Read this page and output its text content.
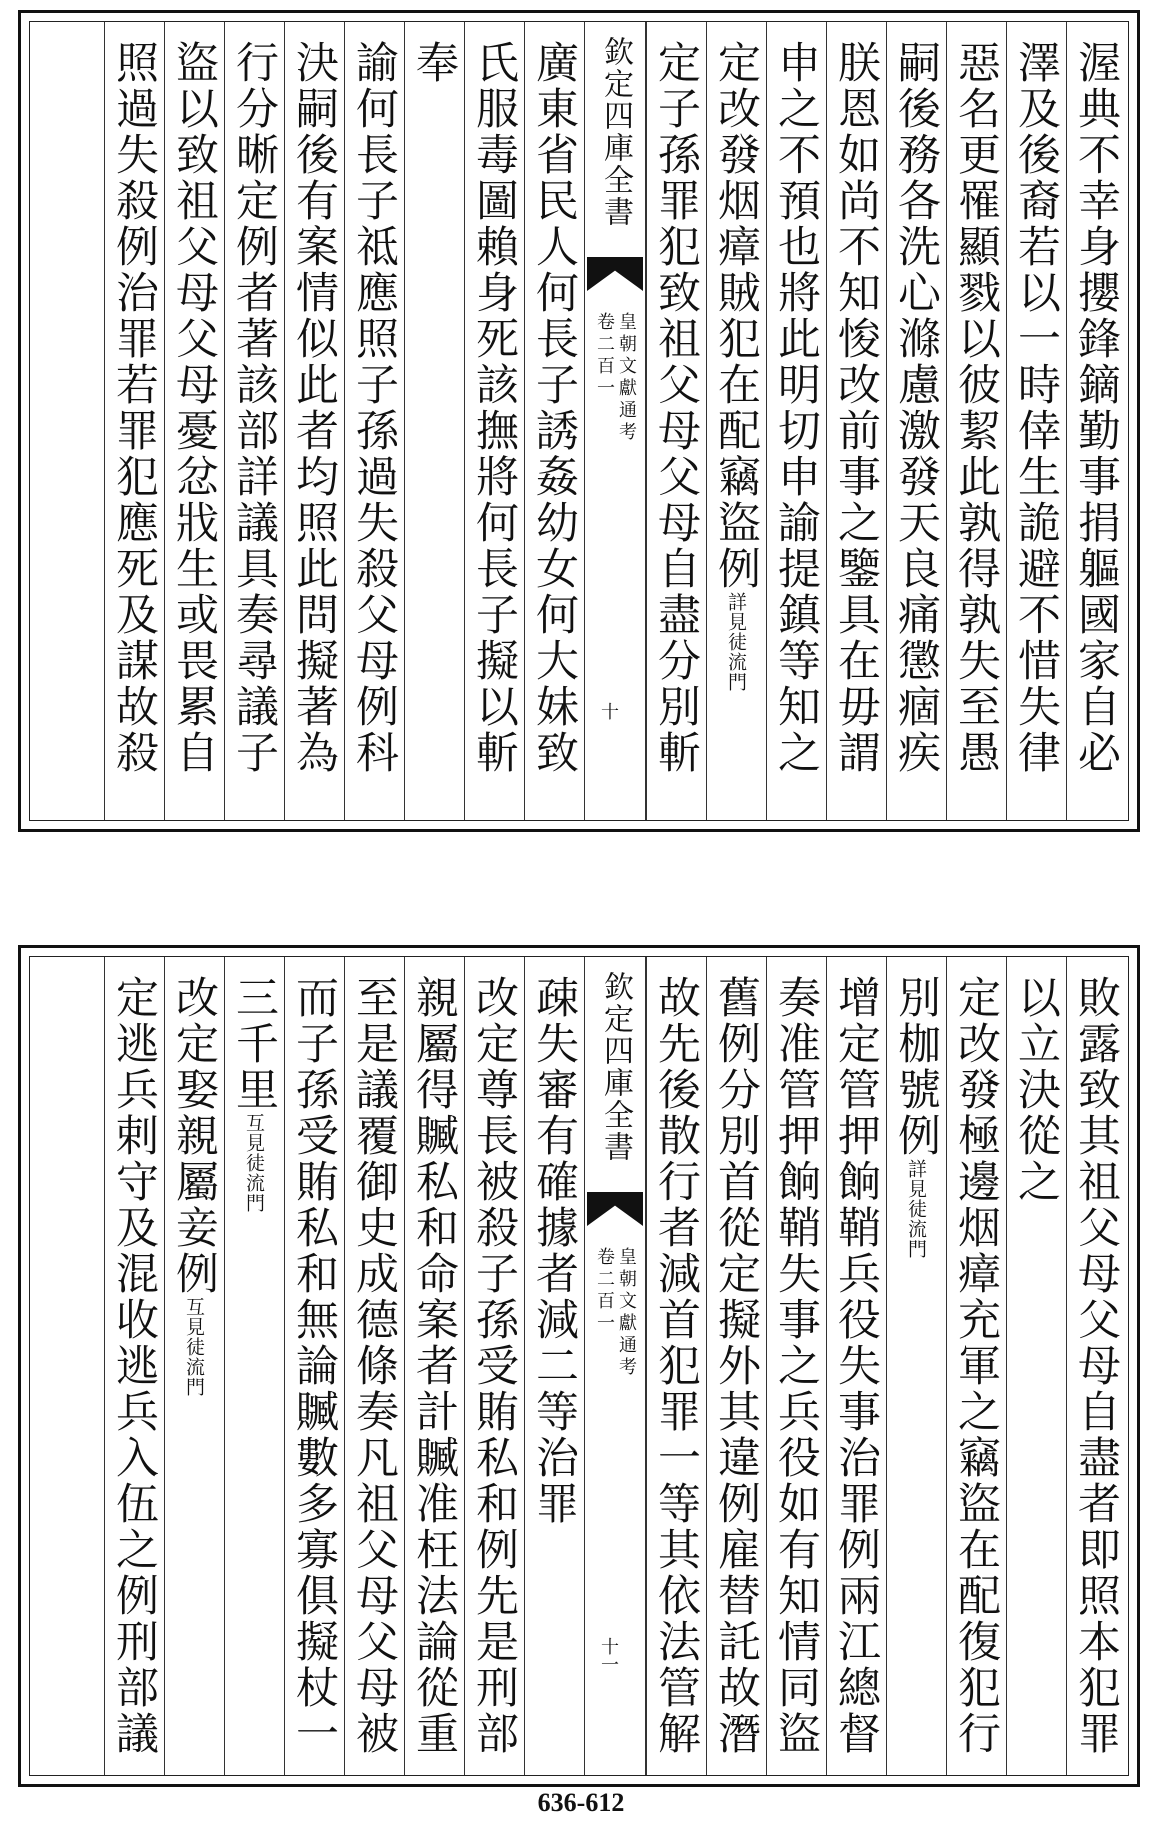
渥典不幸身攖鋒鏑勤事捐軀國家自必
澤及後裔若以一時倖生詭避不惜失律
惡名更罹顯戮以彼絜此孰得孰失至愚
嗣後務各洗心滌慮激發天良痛懲痼疾
朕恩如尚不知悛改前事之鑒具在毋謂
申之不預也將此明切申諭提鎮等知之
定改發烟瘴賊犯在配竊盜例詳見徒流門
定子孫罪犯致祖父母父母自盡分別斬
欽定四庫全書
皇朝文獻通考
卷二百一
十
廣東省民人何長子誘姦幼女何大妹致
氏服毒圖賴身死該撫將何長子擬以斬
奉
諭何長子祗應照子孫過失殺父母例科
決嗣後有案情似此者均照此問擬著為
行分晰定例者著該部詳議具奏尋議子
盜以致祖父母父母憂忿戕生或畏累自
照過失殺例治罪若罪犯應死及謀故殺
敗露致其祖父母父母自盡者即照本犯罪
以立決從之
定改發極邊烟瘴充軍之竊盜在配復犯行
別枷號例詳見徒流門
增定管押餉鞘兵役失事治罪例兩江總督
奏准管押餉鞘失事之兵役如有知情同盜
舊例分別首從定擬外其違例雇替託故潛
故先後散行者減首犯罪一等其依法管解
欽定四庫全書
皇朝文獻通考
卷二百一
十一
疎失審有確據者減二等治罪
改定尊長被殺子孫受賄私和例先是刑部
親屬得贓私和命案者計贓准枉法論從重
至是議覆御史成德條奏凡祖父母父母被
而子孫受賄私和無論贓數多寡俱擬杖一
三千里互見徒流門
改定娶親屬妾例互見徒流門
定逃兵剌守及混收逃兵入伍之例刑部議
636-612
